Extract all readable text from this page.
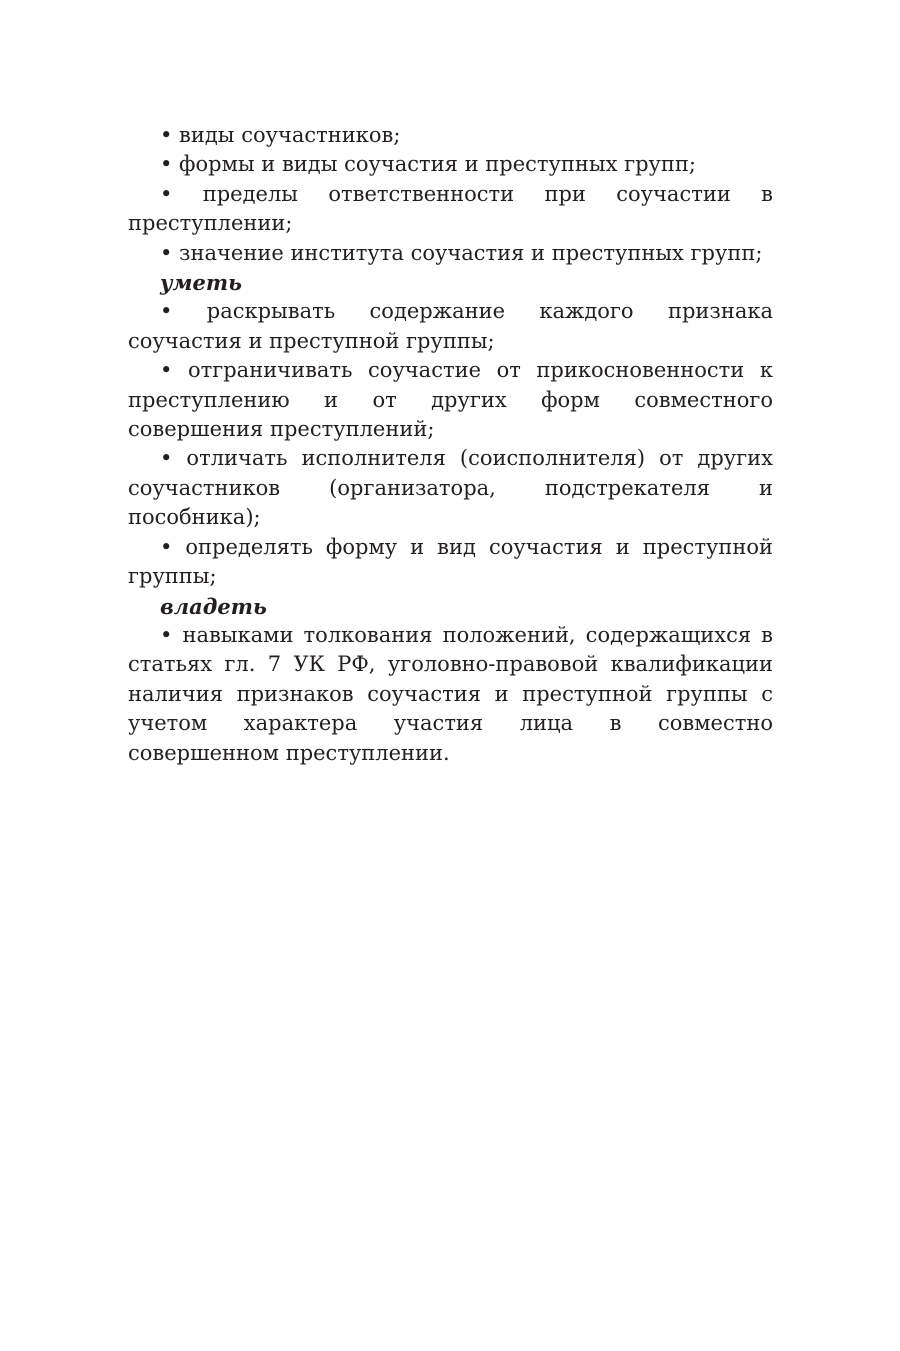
• виды соучастников;

• формы и виды соучастия и преступных групп;

• пределы ответственности при соучастии в преступлении;

• значение института соучастия и преступных групп;

уметь

• раскрывать содержание каждого признака соучастия и преступной группы;

• отграничивать соучастие от прикосновенности к преступлению и от других форм совместного совершения преступлений;

• отличать исполнителя (соисполнителя) от других соучастников (организатора, подстрекателя и пособника);

• определять форму и вид соучастия и преступной группы;

владеть

• навыками толкования положений, содержащихся в статьях гл. 7 УК РФ, уголовно-правовой квалификации наличия признаков соучастия и преступной группы с учетом характера участия лица в совместно совершенном преступлении.
